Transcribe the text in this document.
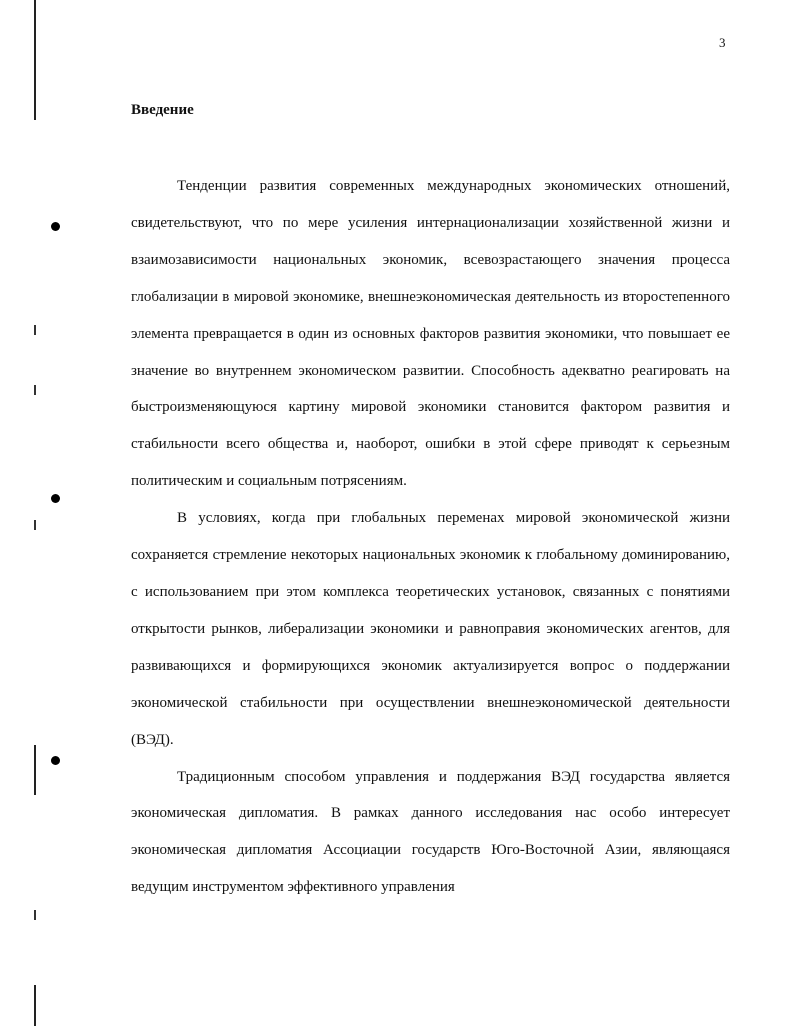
3
Введение

Тенденции развития современных международных экономических отношений, свидетельствуют, что по мере усиления интернационализации хозяйственной жизни и взаимозависимости национальных экономик, всевозрастающего значения процесса глобализации в мировой экономике, внешнеэкономическая деятельность из второстепенного элемента превращается в один из основных факторов развития экономики, что повышает ее значение во внутреннем экономическом развитии. Способность адекватно реагировать на быстроизменяющуюся картину мировой экономики становится фактором развития и стабильности всего общества и, наоборот, ошибки в этой сфере приводят к серьезным политическим и социальным потрясениям.

В условиях, когда при глобальных переменах мировой экономической жизни сохраняется стремление некоторых национальных экономик к глобальному доминированию, с использованием при этом комплекса теоретических установок, связанных с понятиями открытости рынков, либерализации экономики и равноправия экономических агентов, для развивающихся и формирующихся экономик актуализируется вопрос о поддержании экономической стабильности при осуществлении внешнеэкономической деятельности (ВЭД).

Традиционным способом управления и поддержания ВЭД государства является экономическая дипломатия. В рамках данного исследования нас особо интересует экономическая дипломатия Ассоциации государств Юго-Восточной Азии, являющаяся ведущим инструментом эффективного управления
